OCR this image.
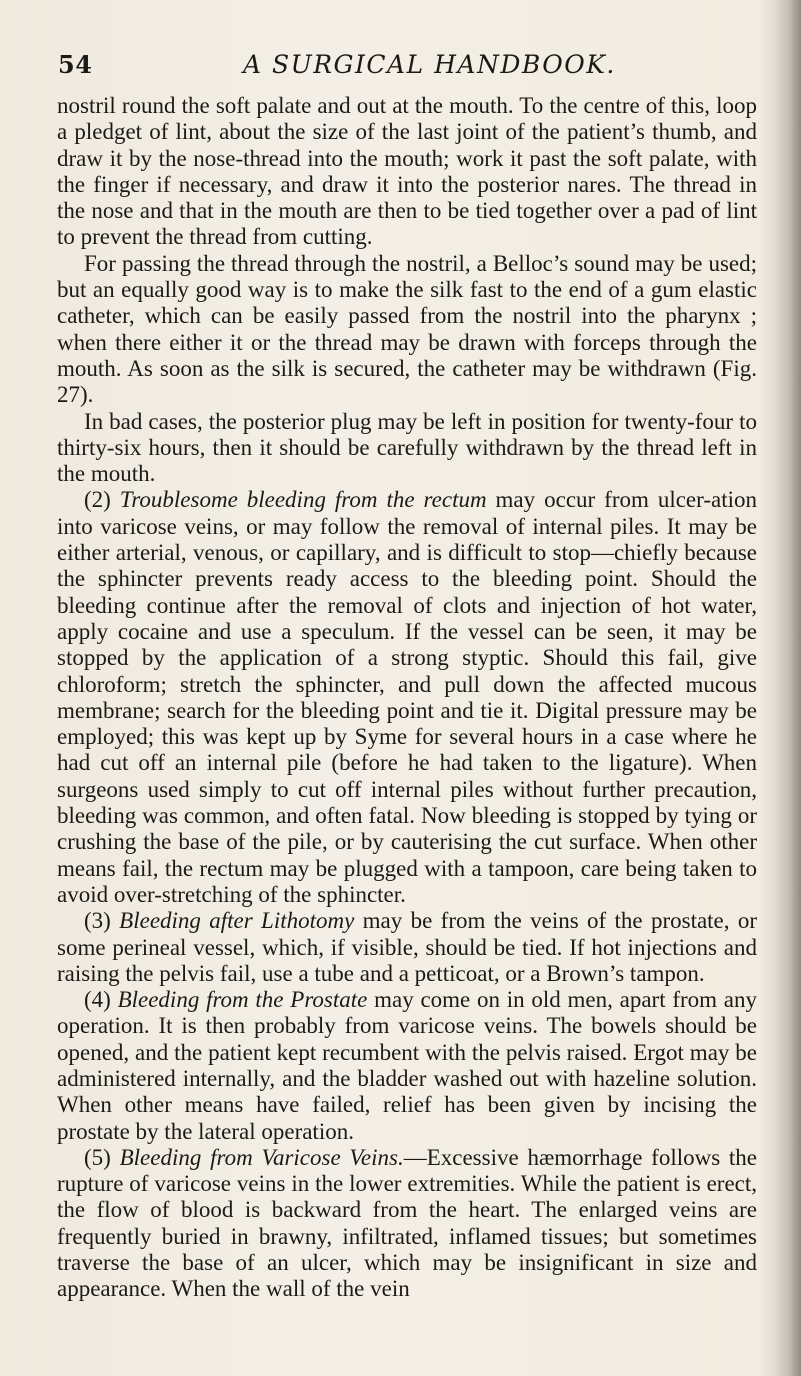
54	A SURGICAL HANDBOOK.

nostril round the soft palate and out at the mouth. To the centre of this, loop a pledget of lint, about the size of the last joint of the patient’s thumb, and draw it by the nose-thread into the mouth; work it past the soft palate, with the finger if necessary, and draw it into the posterior nares. The thread in the nose and that in the mouth are then to be tied together over a pad of lint to prevent the thread from cutting.

For passing the thread through the nostril, a Belloc’s sound may be used; but an equally good way is to make the silk fast to the end of a gum elastic catheter, which can be easily passed from the nostril into the pharynx ; when there either it or the thread may be drawn with forceps through the mouth. As soon as the silk is secured, the catheter may be withdrawn (Fig. 27).

In bad cases, the posterior plug may be left in position for twenty-four to thirty-six hours, then it should be carefully withdrawn by the thread left in the mouth.

(2) Troublesome bleeding from the rectum may occur from ulcer-ation into varicose veins, or may follow the removal of internal piles. It may be either arterial, venous, or capillary, and is difficult to stop—chiefly because the sphincter prevents ready access to the bleeding point. Should the bleeding continue after the removal of clots and injection of hot water, apply cocaine and use a speculum. If the vessel can be seen, it may be stopped by the application of a strong styptic. Should this fail, give chloroform; stretch the sphincter, and pull down the affected mucous membrane; search for the bleeding point and tie it. Digital pressure may be employed; this was kept up by Syme for several hours in a case where he had cut off an internal pile (before he had taken to the ligature). When surgeons used simply to cut off internal piles without further precaution, bleeding was common, and often fatal. Now bleeding is stopped by tying or crushing the base of the pile, or by cauterising the cut surface. When other means fail, the rectum may be plugged with a tampoon, care being taken to avoid over-stretching of the sphincter.

(3) Bleeding after Lithotomy may be from the veins of the prostate, or some perineal vessel, which, if visible, should be tied. If hot injections and raising the pelvis fail, use a tube and a petticoat, or a Brown’s tampon.

(4) Bleeding from the Prostate may come on in old men, apart from any operation. It is then probably from varicose veins. The bowels should be opened, and the patient kept recumbent with the pelvis raised. Ergot may be administered internally, and the bladder washed out with hazeline solution. When other means have failed, relief has been given by incising the prostate by the lateral operation.

(5) Bleeding from Varicose Veins.—Excessive hæmorrhage follows the rupture of varicose veins in the lower extremities. While the patient is erect, the flow of blood is backward from the heart. The enlarged veins are frequently buried in brawny, infiltrated, inflamed tissues; but sometimes traverse the base of an ulcer, which may be insignificant in size and appearance. When the wall of the vein
